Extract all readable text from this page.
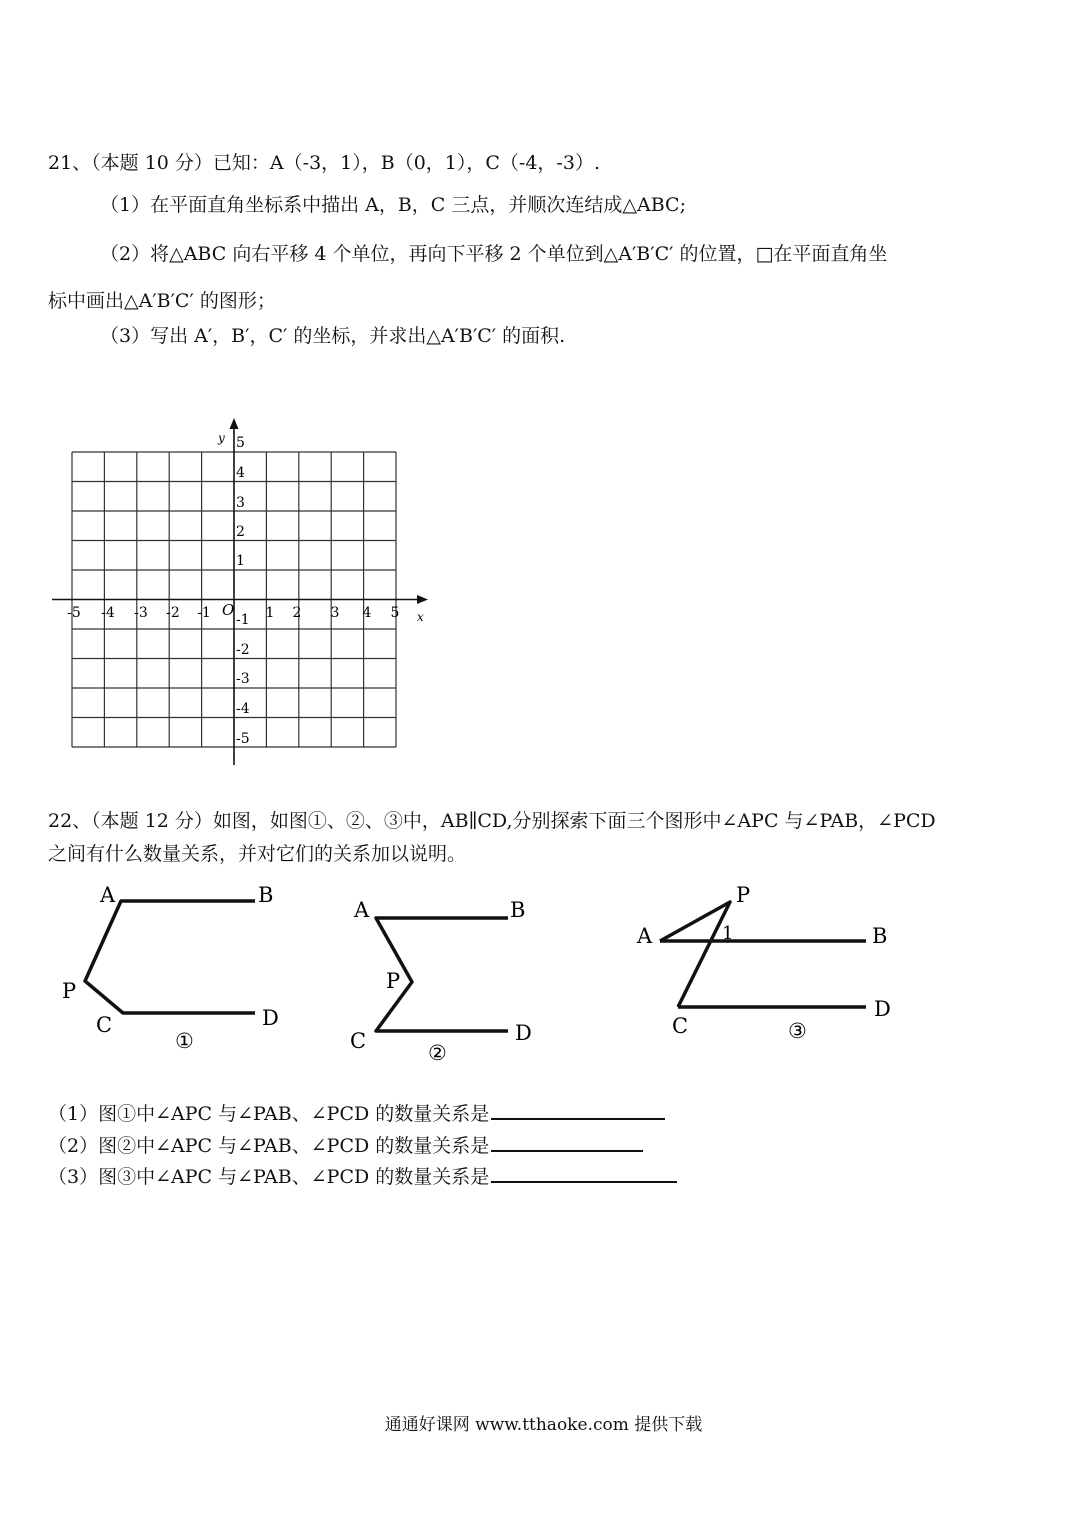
21、（本题 10 分）已知：A（-3，1），B（0，1），C（-4，-3）.
（1）在平面直角坐标系中描出 A，B，C 三点，并顺次连结成△ABC;
（2）将△ABC 向右平移 4 个单位，再向下平移 2 个单位到△A′B′C′ 的位置，□在平面直角坐
标中画出△A′B′C′ 的图形；
（3）写出 A′，B′，C′ 的坐标，并求出△A′B′C′ 的面积.
x
y
O
-5 -4 -3 -2 -1	1 2 3 4 5
5
4
3
2
1
-1
-2
-3
-4
-5
22、（本题 12 分）如图，如图①、②、③中，AB∥CD,分别探索下面三个图形中∠APC 与∠PAB，∠PCD
之间有什么数量关系，并对它们的关系加以说明。
A	B
P
C	D
①
A	B
P
C	D
②
P
A	1	B
C
D
③
（1）图①中∠APC 与∠PAB、∠PCD 的数量关系是
（2）图②中∠APC 与∠PAB、∠PCD 的数量关系是
（3）图③中∠APC 与∠PAB、∠PCD 的数量关系是
通通好课网 www.tthaoke.com 提供下载
